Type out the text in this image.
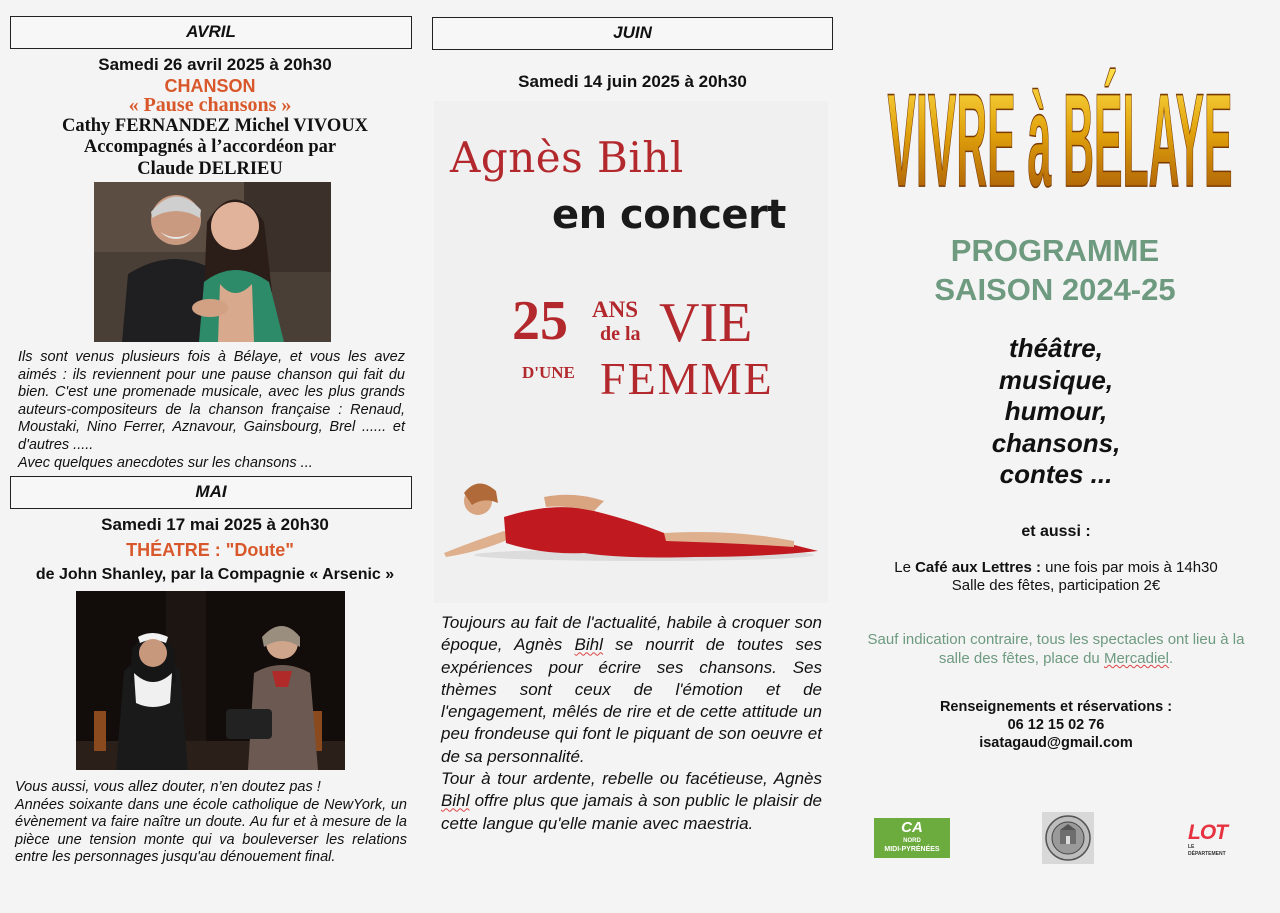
AVRIL
Samedi 26 avril 2025 à 20h30
CHANSON
« Pause chansons »
Cathy FERNANDEZ Michel VIVOUX
Accompagnés à l’accordéon par
Claude DELRIEU

Ils sont venus plusieurs fois à Bélaye, et vous les avez aimés : ils reviennent pour une pause chanson qui fait du bien. C'est une promenade musicale, avec les plus grands auteurs-compositeurs de la chanson française : Renaud, Moustaki, Nino Ferrer, Aznavour, Gainsbourg, Brel ...... et d'autres .....

Avec quelques anecdotes sur les chansons ...

MAI
Samedi 17 mai 2025 à 20h30
THÉATRE : "Doute"
de John Shanley, par la Compagnie « Arsenic »

Vous aussi, vous allez douter, n’en doutez pas !

Années soixante dans une école catholique de NewYork, un évènement va faire naître un doute. Au fur et à mesure de la pièce une tension monte qui va bouleverser les relations entre les personnages jusqu'au dénouement final.

JUIN
Samedi 14 juin 2025 à 20h30
Agnès Bihl
en concert
25 ANS
de la VIE
D'UNE FEMME

Toujours au fait de l'actualité, habile à croquer son époque, Agnès Bihl se nourrit de toutes ses expériences pour écrire ses chansons. Ses thèmes sont ceux de l'émotion et de l'engagement, mêlés de rire et de cette attitude un peu frondeuse qui font le piquant de son oeuvre et de sa personnalité.

Tour à tour ardente, rebelle ou facétieuse, Agnès Bihl offre plus que jamais à son public le plaisir de cette langue qu'elle manie avec maestria.

VIVRE à BÉLAYE
PROGRAMME
SAISON 2024-25
théâtre,
musique,
humour,
chansons,
contes ...
et aussi :
Le Café aux Lettres : une fois par mois à 14h30
Salle des fêtes, participation 2€
Sauf indication contraire, tous les spectacles ont lieu à la salle des fêtes, place du Mercadiel.
Renseignements et réservations :
06 12 15 02 76
isatagaud@gmail.com
CA
NORD
MIDI-PYRÉNÉES
LOT
LE DÉPARTEMENT
